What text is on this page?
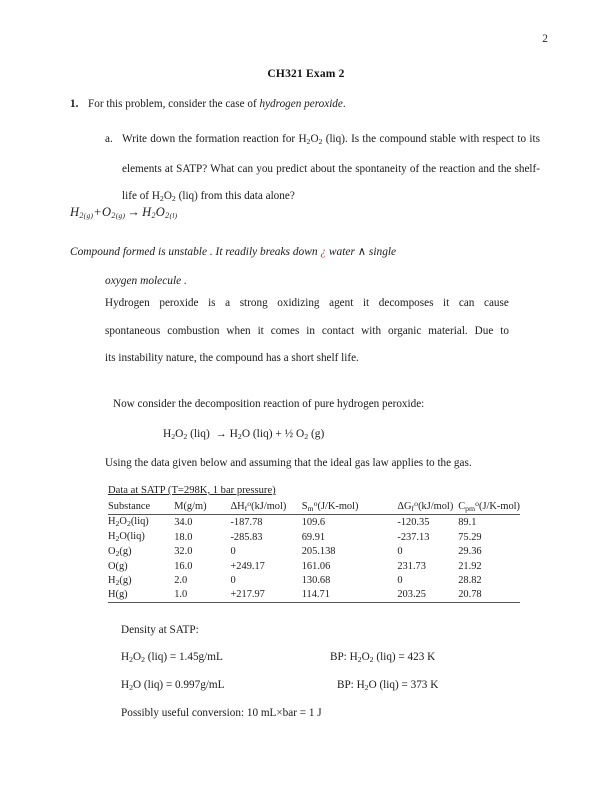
2
CH321 Exam 2
1. For this problem, consider the case of hydrogen peroxide.
a. Write down the formation reaction for $H_2O_2$ (liq). Is the compound stable with respect to its elements at SATP? What can you predict about the spontaneity of the reaction and the shelf-life of $H_2O_2$ (liq) from this data alone?
$H_2(g)+O_2(g) \to H_2O_2(l)$
Compound formed is unstable . It readily breaks down ¿ water ∧ single
oxygen molecule .
Hydrogen peroxide is a strong oxidizing agent it decomposes it can cause
spontaneous combustion when it comes in contact with organic material. Due to
its instability nature, the compound has a short shelf life.
Now consider the decomposition reaction of pure hydrogen peroxide:
$H_2O_2$ $(liq) \to H_2O$ (liq) + ½ $O_2$ (g)
Using the data given below and assuming that the ideal gas law applies to the gas.
Data at SATP (T=298K, 1 bar pressure)
Substance	M(g/m)	$\Delta H_f^o(kJ/mol)$	$S_m^o(J/K-mol)$	$\Delta G_f^o(kJ/mol)$	$C_{pm}^o(J/K-mol)$
$H_2O_2(liq)$	34.0	-187.78	109.6	-120.35	89.1
$H_2O(liq)$	18.0	-285.83	69.91	-237.13	75.29
$O_2(g)$	32.0	0	205.138	0	29.36
O(g)	16.0	+249.17	161.06	231.73	21.92
$H_2(g)$	2.0	0	130.68	0	28.82
H(g)	1.0	+217.97	114.71	203.25	20.78
Density at SATP:
$H_2O_2$ (liq) = 1.45g/mL	BP: $H_2O_2$ (liq) = 423 K
$H_2O$ (liq) = 0.997g/mL	BP: $H_2O$ (liq) = 373 K
Possibly useful conversion: 10 mL×bar = 1 J
